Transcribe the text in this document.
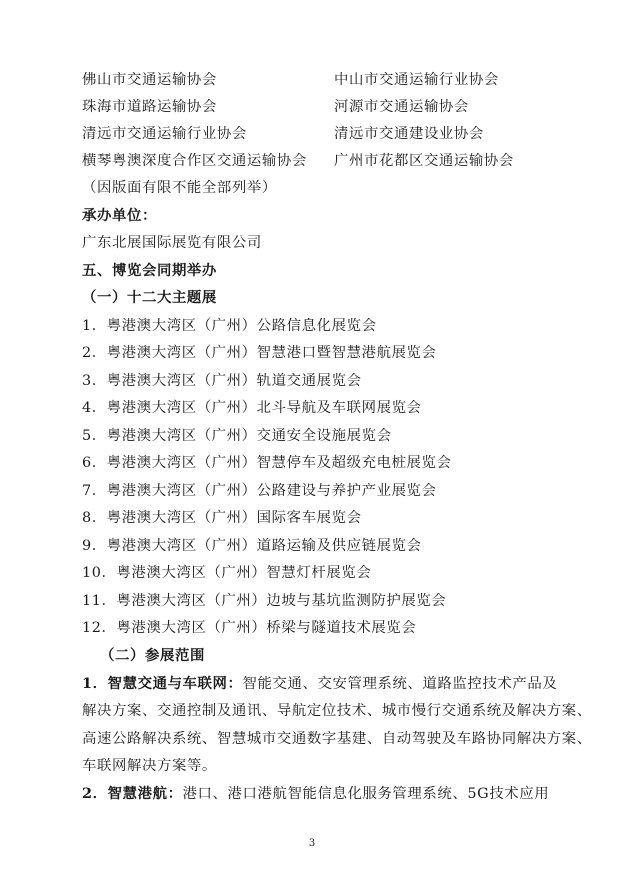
佛山市交通运输协会	中山市交通运输行业协会
珠海市道路运输协会	河源市交通运输协会
清远市交通运输行业协会	清远市交通建设业协会
横琴粤澳深度合作区交通运输协会 广州市花都区交通运输协会
（因版面有限不能全部列举）
承办单位：
广东北展国际展览有限公司
五、博览会同期举办
（一）十二大主题展
1．粤港澳大湾区（广州）公路信息化展览会
2．粤港澳大湾区（广州）智慧港口暨智慧港航展览会
3．粤港澳大湾区（广州）轨道交通展览会
4．粤港澳大湾区（广州）北斗导航及车联网展览会
5．粤港澳大湾区（广州）交通安全设施展览会
6．粤港澳大湾区（广州）智慧停车及超级充电桩展览会
7．粤港澳大湾区（广州）公路建设与养护产业展览会
8．粤港澳大湾区（广州）国际客车展览会
9．粤港澳大湾区（广州）道路运输及供应链展览会
10．粤港澳大湾区（广州）智慧灯杆展览会
11．粤港澳大湾区（广州）边坡与基坑监测防护展览会
12．粤港澳大湾区（广州）桥梁与隧道技术展览会
（二）参展范围
1．智慧交通与车联网：智能交通、交安管理系统、道路监控技术产品及
解决方案、交通控制及通讯、导航定位技术、城市慢行交通系统及解决方案、
高速公路解决系统、智慧城市交通数字基建、自动驾驶及车路协同解决方案、
车联网解决方案等。
2．智慧港航：港口、港口港航智能信息化服务管理系统、5G技术应用
3
